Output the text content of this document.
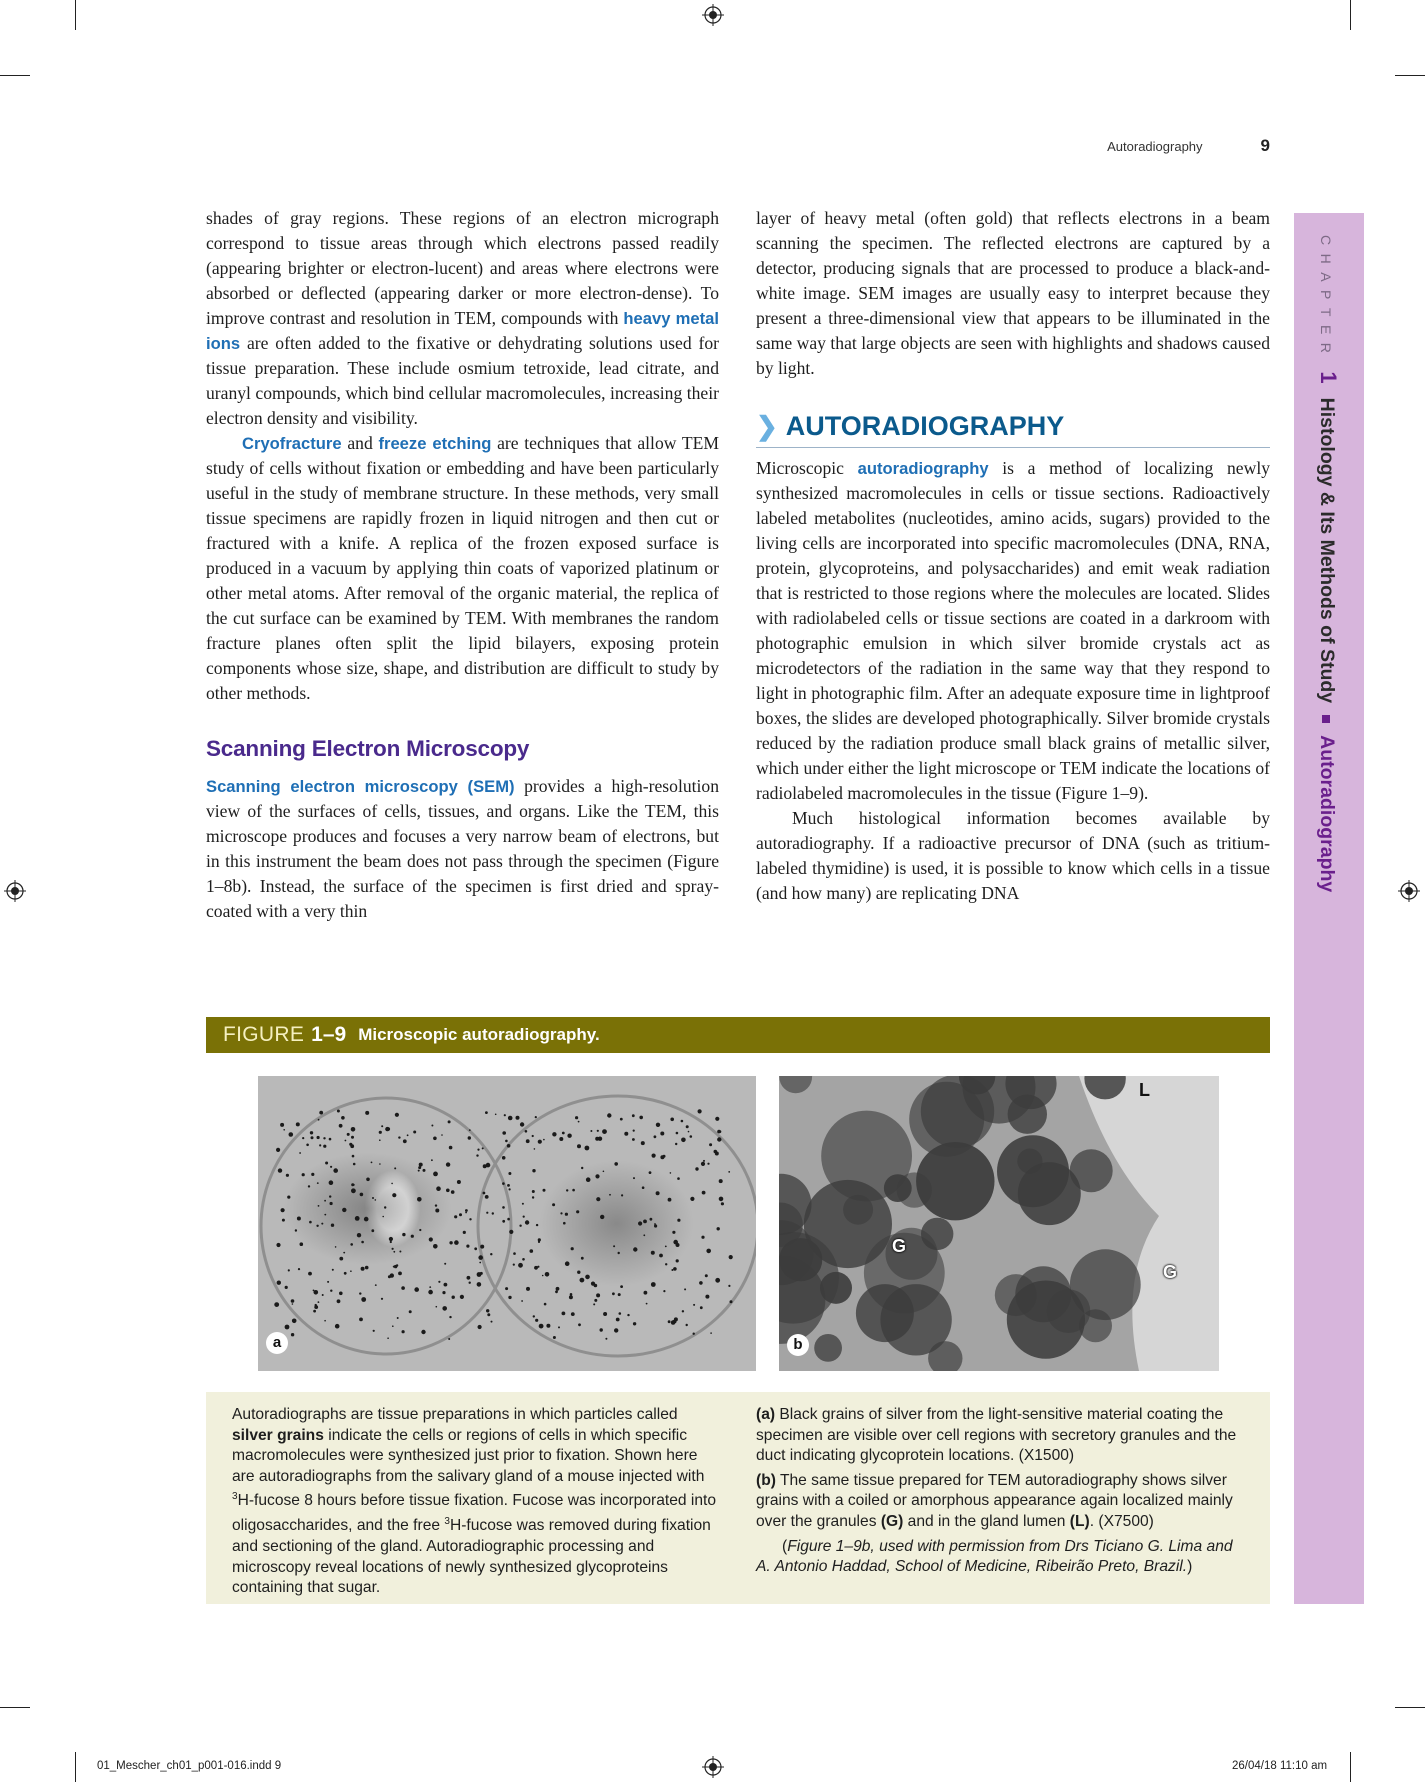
Autoradiography	9

shades of gray regions. These regions of an electron micrograph correspond to tissue areas through which electrons passed readily (appearing brighter or electron-lucent) and areas where electrons were absorbed or deflected (appearing darker or more electron-dense). To improve contrast and resolution in TEM, compounds with heavy metal ions are often added to the fixative or dehydrating solutions used for tissue preparation. These include osmium tetroxide, lead citrate, and uranyl compounds, which bind cellular macromolecules, increasing their electron density and visibility.

Cryofracture and freeze etching are techniques that allow TEM study of cells without fixation or embedding and have been particularly useful in the study of membrane structure. In these methods, very small tissue specimens are rapidly frozen in liquid nitrogen and then cut or fractured with a knife. A replica of the frozen exposed surface is produced in a vacuum by applying thin coats of vaporized platinum or other metal atoms. After removal of the organic material, the replica of the cut surface can be examined by TEM. With membranes the random fracture planes often split the lipid bilayers, exposing protein components whose size, shape, and distribution are difficult to study by other methods.

Scanning Electron Microscopy

Scanning electron microscopy (SEM) provides a high-resolution view of the surfaces of cells, tissues, and organs. Like the TEM, this microscope produces and focuses a very narrow beam of electrons, but in this instrument the beam does not pass through the specimen (Figure 1–8b). Instead, the surface of the specimen is first dried and spray-coated with a very thin

layer of heavy metal (often gold) that reflects electrons in a beam scanning the specimen. The reflected electrons are captured by a detector, producing signals that are processed to produce a black-and-white image. SEM images are usually easy to interpret because they present a three-dimensional view that appears to be illuminated in the same way that large objects are seen with highlights and shadows caused by light.

❯ AUTORADIOGRAPHY

Microscopic autoradiography is a method of localizing newly synthesized macromolecules in cells or tissue sections. Radioactively labeled metabolites (nucleotides, amino acids, sugars) provided to the living cells are incorporated into specific macromolecules (DNA, RNA, protein, glycoproteins, and polysaccharides) and emit weak radiation that is restricted to those regions where the molecules are located. Slides with radiolabeled cells or tissue sections are coated in a darkroom with photographic emulsion in which silver bromide crystals act as microdetectors of the radiation in the same way that they respond to light in photographic film. After an adequate exposure time in lightproof boxes, the slides are developed photographically. Silver bromide crystals reduced by the radiation produce small black grains of metallic silver, which under either the light microscope or TEM indicate the locations of radiolabeled macromolecules in the tissue (Figure 1–9).

Much histological information becomes available by autoradiography. If a radioactive precursor of DNA (such as tritium-labeled thymidine) is used, it is possible to know which cells in a tissue (and how many) are replicating DNA

CHAPTER1Histology & Its Methods of StudyAutoradiography
FIGURE 1–9 Microscopic autoradiography.
a
L
G
G
b

Autoradiographs are tissue preparations in which particles called silver grains indicate the cells or regions of cells in which specific macromolecules were synthesized just prior to fixation. Shown here are autoradiographs from the salivary gland of a mouse injected with $^3$H-fucose 8 hours before tissue fixation. Fucose was incorporated into oligosaccharides, and the free $^3$H-fucose was removed during fixation and sectioning of the gland. Autoradiographic processing and microscopy reveal locations of newly synthesized glycoproteins containing that sugar.

(a) Black grains of silver from the light-sensitive material coating the specimen are visible over cell regions with secretory granules and the duct indicating glycoprotein locations. (X1500)

(b) The same tissue prepared for TEM autoradiography shows silver grains with a coiled or amorphous appearance again localized mainly over the granules (G) and in the gland lumen (L). (X7500)

(Figure 1–9b, used with permission from Drs Ticiano G. Lima and A. Antonio Haddad, School of Medicine, Ribeirão Preto, Brazil.)

01_Mescher_ch01_p001-016.indd 9	26/04/18 11:10 am
